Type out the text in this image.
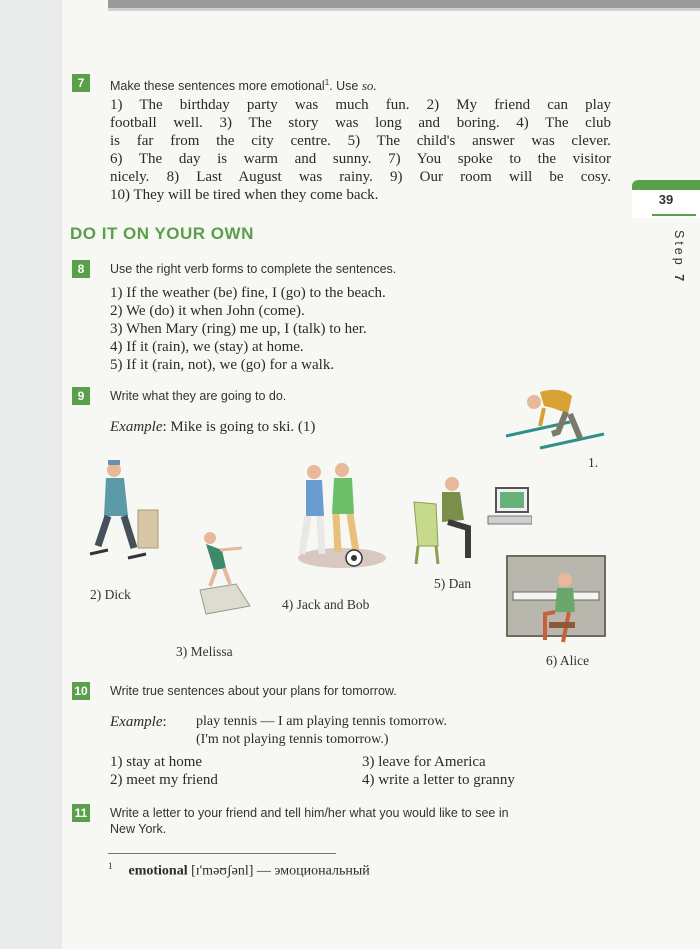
39
Step 7
7	Make these sentences more emotional$^1$. Use so.
1) The birthday party was much fun. 2) My friend can play
football well. 3) The story was long and boring. 4) The club
is far from the city centre. 5) The child's answer was clever.
6) The day is warm and sunny. 7) You spoke to the visitor
nicely. 8) Last August was rainy. 9) Our room will be cosy.
10) They will be tired when they come back.
DO IT ON YOUR OWN
8	Use the right verb forms to complete the sentences.
1) If the weather (be) fine, I (go) to the beach.
2) We (do) it when John (come).
3) When Mary (ring) me up, I (talk) to her.
4) If it (rain), we (stay) at home.
5) If it (rain, not), we (go) for a walk.
9	Write what they are going to do.
Example: Mike is going to ski. (1)
1.
2) Dick
3) Melissa
4) Jack and Bob
5) Dan
6) Alice
10 Write true sentences about your plans for tomorrow.
Example: play tennis — I am playing tennis tomorrow.
(I'm not playing tennis tomorrow.)
1) stay at home
2) meet my friend
3) leave for America
4) write a letter to granny
11 Write a letter to your friend and tell him/her what you would like to see in
New York.
$^1$ emotional [ɪ'məʊʃənl] — эмоциональный
